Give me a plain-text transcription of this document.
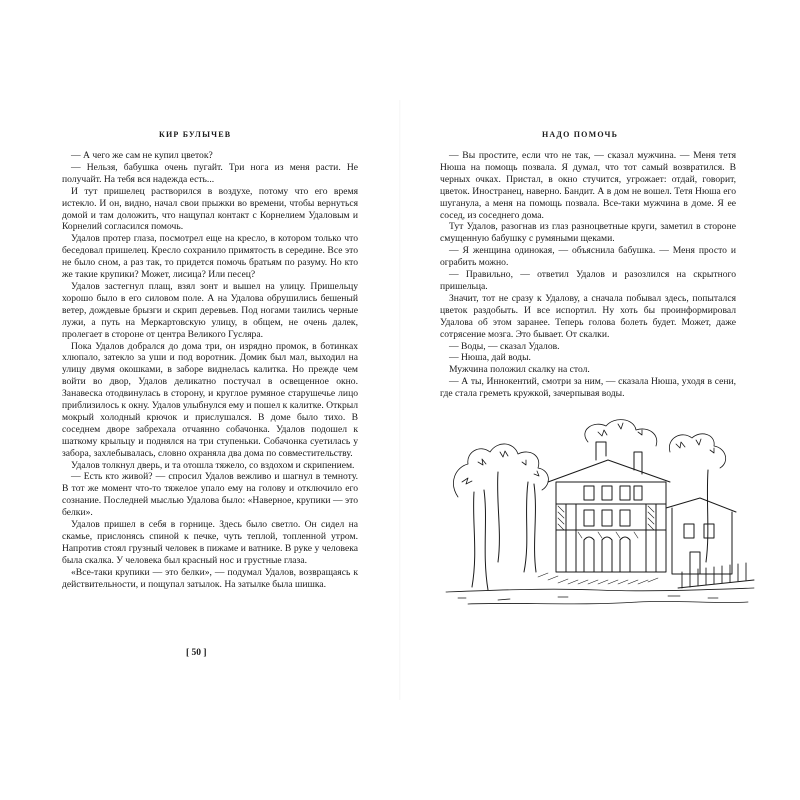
КИР БУЛЫЧЕВ

— А чего же сам не купил цветок?

— Нельзя, бабушка очень пугайт. Три нога из меня расти. Не получайт. На тебя вся надежда есть...

И тут пришелец растворился в воздухе, потому что его время истекло. И он, видно, начал свои прыжки во времени, чтобы вернуться домой и там доложить, что нащупал контакт с Корнелием Удаловым и Корнелий согласился помочь.

Удалов протер глаза, посмотрел еще на кресло, в котором только что беседовал пришелец. Кресло сохранило примятость в середине. Все это не было сном, а раз так, то придется помочь братьям по разуму. Но кто же такие крупики? Может, лисица? Или песец?

Удалов застегнул плащ, взял зонт и вышел на улицу. Пришельцу хорошо было в его силовом поле. А на Удалова обрушились бешеный ветер, дождевые брызги и скрип деревьев. Под ногами таились черные лужи, а путь на Меркартовскую улицу, в общем, не очень далек, пролегает в стороне от центра Великого Гусляра.

Пока Удалов добрался до дома три, он изрядно промок, в ботинках хлюпало, затекло за уши и под воротник. Домик был мал, выходил на улицу двумя окошками, в заборе виднелась калитка. Но прежде чем войти во двор, Удалов деликатно постучал в освещенное окно. Занавеска отодвинулась в сторону, и круглое румяное старушечье лицо приблизилось к окну. Удалов улыбнулся ему и пошел к калитке. Открыл мокрый холодный крючок и прислушался. В доме было тихо. В соседнем дворе забрехала отчаянно собачонка. Удалов подошел к шаткому крыльцу и поднялся на три ступеньки. Собачонка суетилась у забора, захлебывалась, словно охраняла два дома по совместительству.

Удалов толкнул дверь, и та отошла тяжело, со вздохом и скрипением.

— Есть кто живой? — спросил Удалов вежливо и шагнул в темноту. В тот же момент что-то тяжелое упало ему на голову и отключило его сознание. Последней мыслью Удалова было: «Наверное, крупики — это белки».

Удалов пришел в себя в горнице. Здесь было светло. Он сидел на скамье, прислонясь спиной к печке, чуть теплой, топленной утром. Напротив стоял грузный человек в пижаме и ватнике. В руке у человека была скалка. У человека был красный нос и грустные глаза.

«Все-таки крупики — это белки», — подумал Удалов, возвращаясь к действительности, и пощупал затылок. На затылке была шишка.

[ 50 ]
НАДО ПОМОЧЬ

— Вы простите, если что не так, — сказал мужчина. — Меня тетя Нюша на помощь позвала. Я думал, что тот самый возвратился. В черных очках. Пристал, в окно стучится, угрожает: отдай, говорит, цветок. Иностранец, наверно. Бандит. А в дом не вошел. Тетя Нюша его шуганула, а меня на помощь позвала. Все-таки мужчина в доме. Я ее сосед, из соседнего дома.

Тут Удалов, разогнав из глаз разноцветные круги, заметил в стороне смущенную бабушку с румяными щеками.

— Я женщина одинокая, — объяснила бабушка. — Меня просто и ограбить можно.

— Правильно, — ответил Удалов и разозлился на скрытного пришельца.

Значит, тот не сразу к Удалову, а сначала побывал здесь, попытался цветок раздобыть. И все испортил. Ну хоть бы проинформировал Удалова об этом заранее. Теперь голова болеть будет. Может, даже сотрясение мозга. Это бывает. От скалки.

— Воды, — сказал Удалов.

— Нюша, дай воды.

Мужчина положил скалку на стол.

— А ты, Иннокентий, смотри за ним, — сказала Нюша, уходя в сени, где стала греметь кружкой, зачерпывая воды.
